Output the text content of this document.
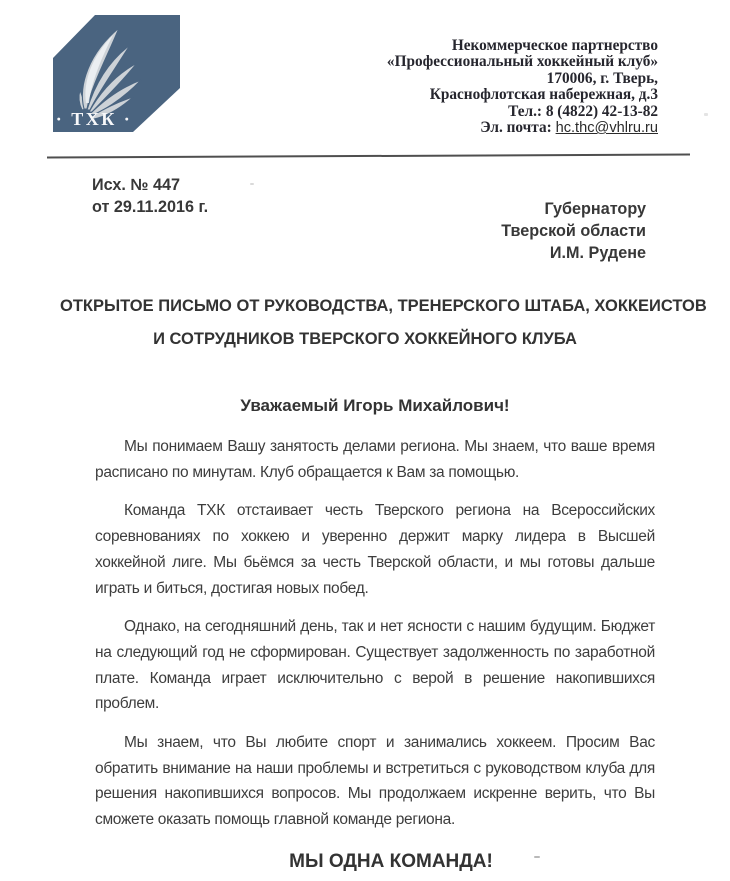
· ТХК ·
Некоммерческое партнерство
«Профессиональный хоккейный клуб»
170006, г. Тверь,
Краснофлотская набережная, д.3
Тел.: 8 (4822) 42-13-82
Эл. почта: hc.thc@vhlru.ru
Исх. № 447
от 29.11.2016 г.	Губернатору
Тверской области
И.М. Рудене
ОТКРЫТОЕ ПИСЬМО ОТ РУКОВОДСТВА, ТРЕНЕРСКОГО ШТАБА, ХОККЕИСТОВ
И СОТРУДНИКОВ ТВЕРСКОГО ХОККЕЙНОГО КЛУБА
Уважаемый Игорь Михайлович!

Мы понимаем Вашу занятость делами региона. Мы знаем, что ваше время расписано по минутам. Клуб обращается к Вам за помощью.

Команда ТХК отстаивает честь Тверского региона на Всероссийских соревнованиях по хоккею и уверенно держит марку лидера в Высшей хоккейной лиге. Мы бьёмся за честь Тверской области, и мы готовы дальше играть и биться, достигая новых побед.

Однако, на сегодняшний день, так и нет ясности с нашим будущим. Бюджет на следующий год не сформирован. Существует задолженность по заработной плате. Команда играет исключительно с верой в решение накопившихся проблем.

Мы знаем, что Вы любите спорт и занимались хоккеем. Просим Вас обратить внимание на наши проблемы и встретиться с руководством клуба для решения накопившихся вопросов. Мы продолжаем искренне верить, что Вы сможете оказать помощь главной команде региона.

МЫ ОДНА КОМАНДА!
